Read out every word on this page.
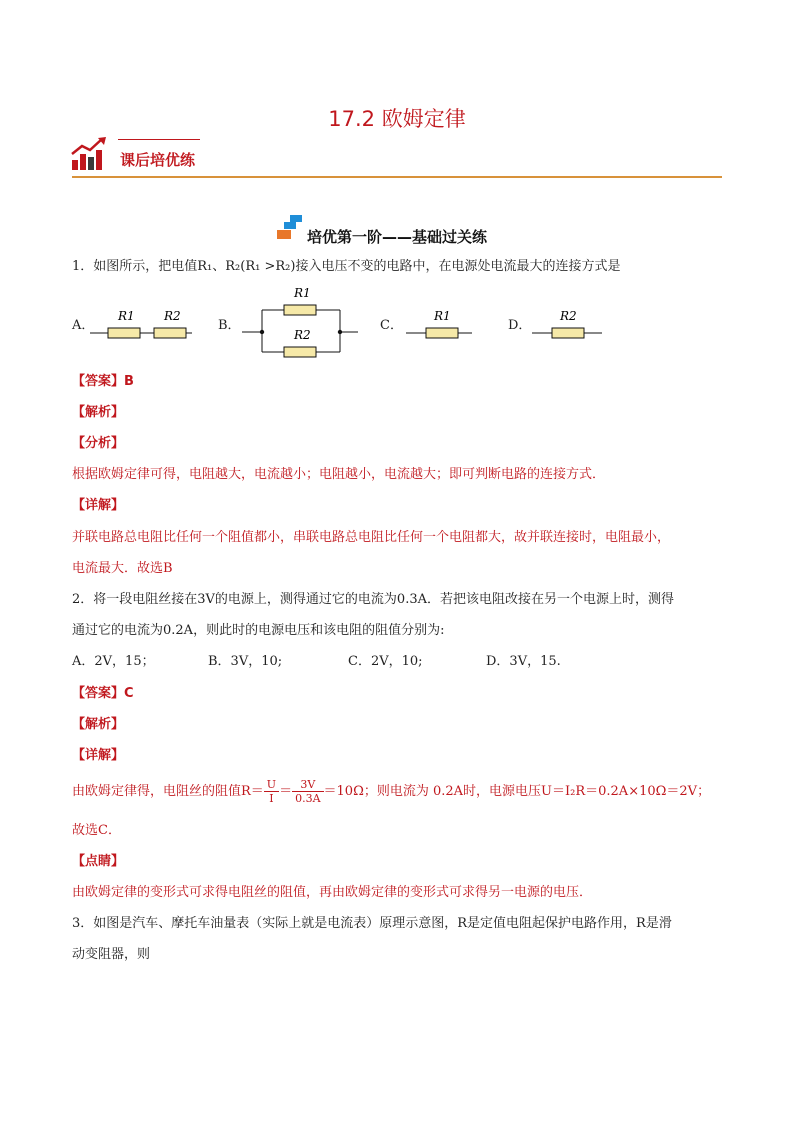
17.2 欧姆定律
课后培优练
培优第一阶——基础过关练
1．如图所示，把电值R₁、R₂(R₁ >R₂)接入电压不变的电路中，在电源处电流最大的连接方式是
A．
R1 R2
B．
R1
R2
C．
R1
D．
R2
【答案】B
【解析】
【分析】
根据欧姆定律可得，电阻越大，电流越小；电阻越小，电流越大；即可判断电路的连接方式．
【详解】
并联电路总电阻比任何一个阻值都小，串联电路总电阻比任何一个电阻都大，故并联连接时，电阻最小，
电流最大．故选B
2．将一段电阻丝接在3V的电源上，测得通过它的电流为0.3A．若把该电阻改接在另一个电源上时，测得
通过它的电流为0.2A，则此时的电源电压和该电阻的阻值分别为:
A．2V，15；	B．3V，10;	C．2V，10;	D．3V，15.
【答案】C
【解析】
【详解】
由欧姆定律得，电阻丝的阻值$R= \frac{U}{I} = \frac{3V}{0.3A} =10\Omega$；则电流为 0.2A时，电源电压U＝I₂R＝0.2A×10Ω＝2V；
故选C．
【点睛】
由欧姆定律的变形式可求得电阻丝的阻值，再由欧姆定律的变形式可求得另一电源的电压．
3．如图是汽车、摩托车油量表（实际上就是电流表）原理示意图，R是定值电阻起保护电路作用，R是滑
动变阻器，则
